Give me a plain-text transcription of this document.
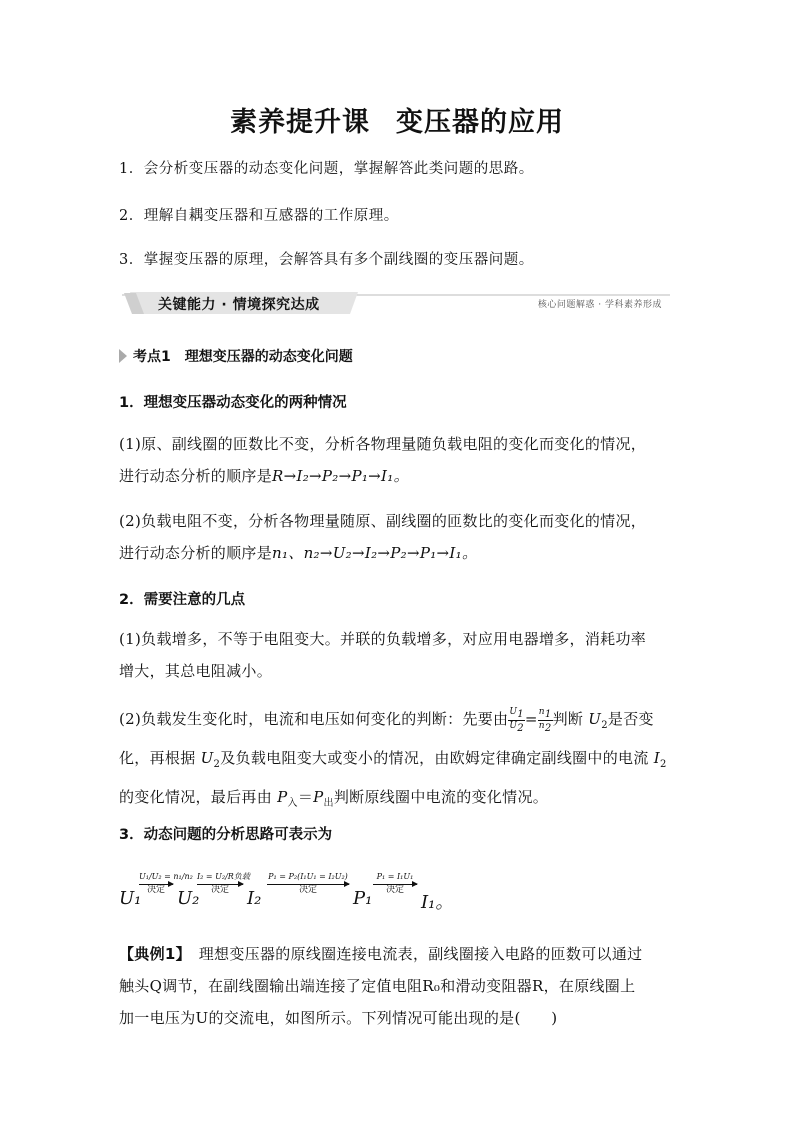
素养提升课 变压器的应用
1．会分析变压器的动态变化问题，掌握解答此类问题的思路。
2．理解自耦变压器和互感器的工作原理。
3．掌握变压器的原理，会解答具有多个副线圈的变压器问题。
关键能力 · 情境探究达成	核心问题解惑 · 学科素养形成
考点1 理想变压器的动态变化问题
1．理想变压器动态变化的两种情况
(1)原、副线圈的匝数比不变，分析各物理量随负载电阻的变化而变化的情况，
进行动态分析的顺序是R→I₂→P₂→P₁→I₁。
(2)负载电阻不变，分析各物理量随原、副线圈的匝数比的变化而变化的情况，
进行动态分析的顺序是n₁、n₂→U₂→I₂→P₂→P₁→I₁。
2．需要注意的几点
(1)负载增多，不等于电阻变大。并联的负载增多，对应用电器增多，消耗功率
增大，其总电阻减小。
(2)负载发生变化时，电流和电压如何变化的判断：先要由 $\frac{U_1}{U_2} = \frac{n_1}{n_2}$ 判断 $U_2$是否变
化，再根据 $U_2$及负载电阻变大或变小的情况，由欧姆定律确定副线圈中的电流 $I_2$
的变化情况，最后再由 $P_入=P_出$判断原线圈中电流的变化情况。
3．动态问题的分析思路可表示为
U₁
U₁/U₂ = n₁/n₂
决定 U₂
I₂ = U₂/R负载
决定	I₂
P₁ = P₂(I₁U₁ = I₂U₂)
决定	P₁
P₁ = I₁U₁
决定
I₁。
【典例1】　 理想变压器的原线圈连接电流表，副线圈接入电路的匝数可以通过
触头Q调节，在副线圈输出端连接了定值电阻R₀和滑动变阻器R，在原线圈上
加一电压为U的交流电，如图所示。下列情况可能出现的是(　　)
